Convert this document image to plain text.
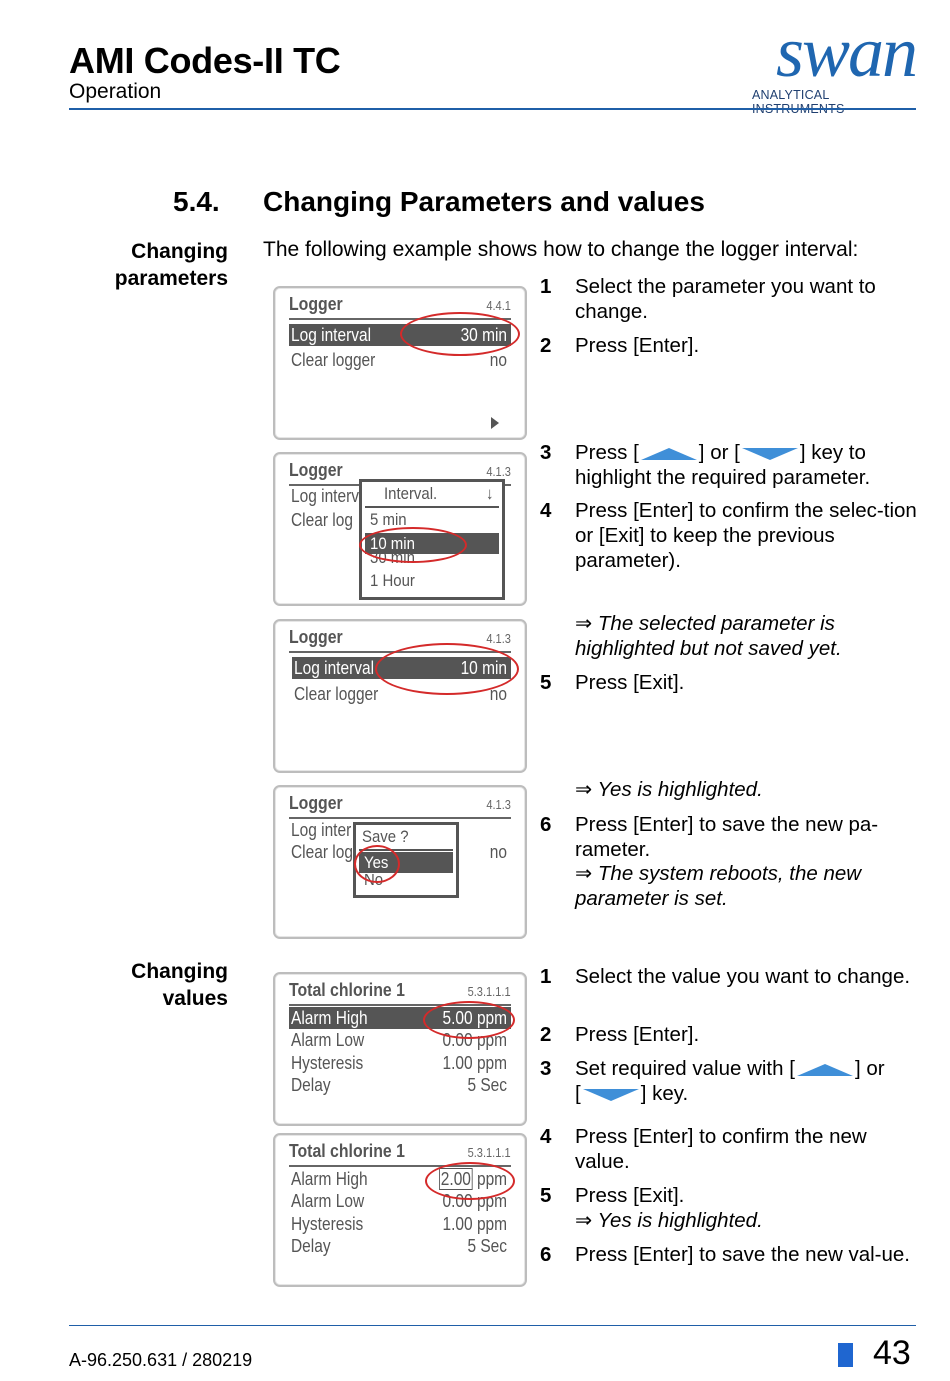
AMI Codes-II TC
Operation	swan
ANALYTICAL
5.4. Changing Parameters and values
Changing
parameters
The following example shows how to change the logger interval:
Logger	4.4.1
Log interval	30 min
Clear logger	no
Logger	4.1.3
Log interv
Clear log
Interval.	↓
5 min
10 min
30 min
1 Hour
Logger	4.1.3
Log interval	10 min
Clear logger	no
Logger	4.1.3
Log inter
Clear log	no
Save ?
Yes
No
1 Select the parameter you want to change.
2 Press [Enter].
3 Press [	] or [	] key to highlight the required parameter.
4 Press [Enter] to confirm the selec-tion or [Exit] to keep the previous parameter).
⇒ The selected parameter is highlighted but not saved yet.
5 Press [Exit].
⇒ Yes is highlighted.
6 Press [Enter] to save the new pa-rameter.
⇒ The system reboots, the new parameter is set.
Changing
values	Total chlorine 1	5.3.1.1.1
Alarm High	5.00 ppm
Alarm Low	0.00 ppm
Hysteresis	1.00 ppm
Delay	5 Sec
Total chlorine 1	5.3.1.1.1
Alarm High	2.00 ppm
Alarm Low	0.00 ppm
Hysteresis	1.00 ppm
Delay	5 Sec
1 Select the value you want to change.
2 Press [Enter].
3 Set required value with [	] or
[	] key.
4 Press [Enter] to confirm the new value.
5 Press [Exit].
⇒ Yes is highlighted.
6 Press [Enter] to save the new val-ue.
A-96.250.631 / 280219	43
